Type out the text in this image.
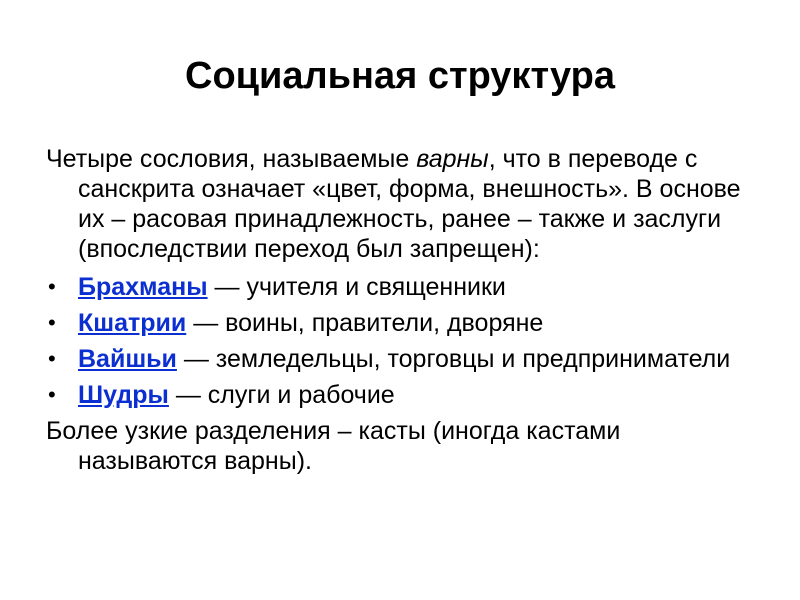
Социальная структура

Четыре сословия, называемые варны, что в переводе с санскрита означает «цвет, форма, внешность». В основе их – расовая принадлежность, ранее – также и заслуги (впоследствии переход был запрещен):

• Брахманы — учителя и священники
• Кшатрии — воины, правители, дворяне
• Вайшьи — земледельцы, торговцы и предприниматели
• Шудры — слуги и рабочие

Более узкие разделения – касты (иногда кастами называются варны).
